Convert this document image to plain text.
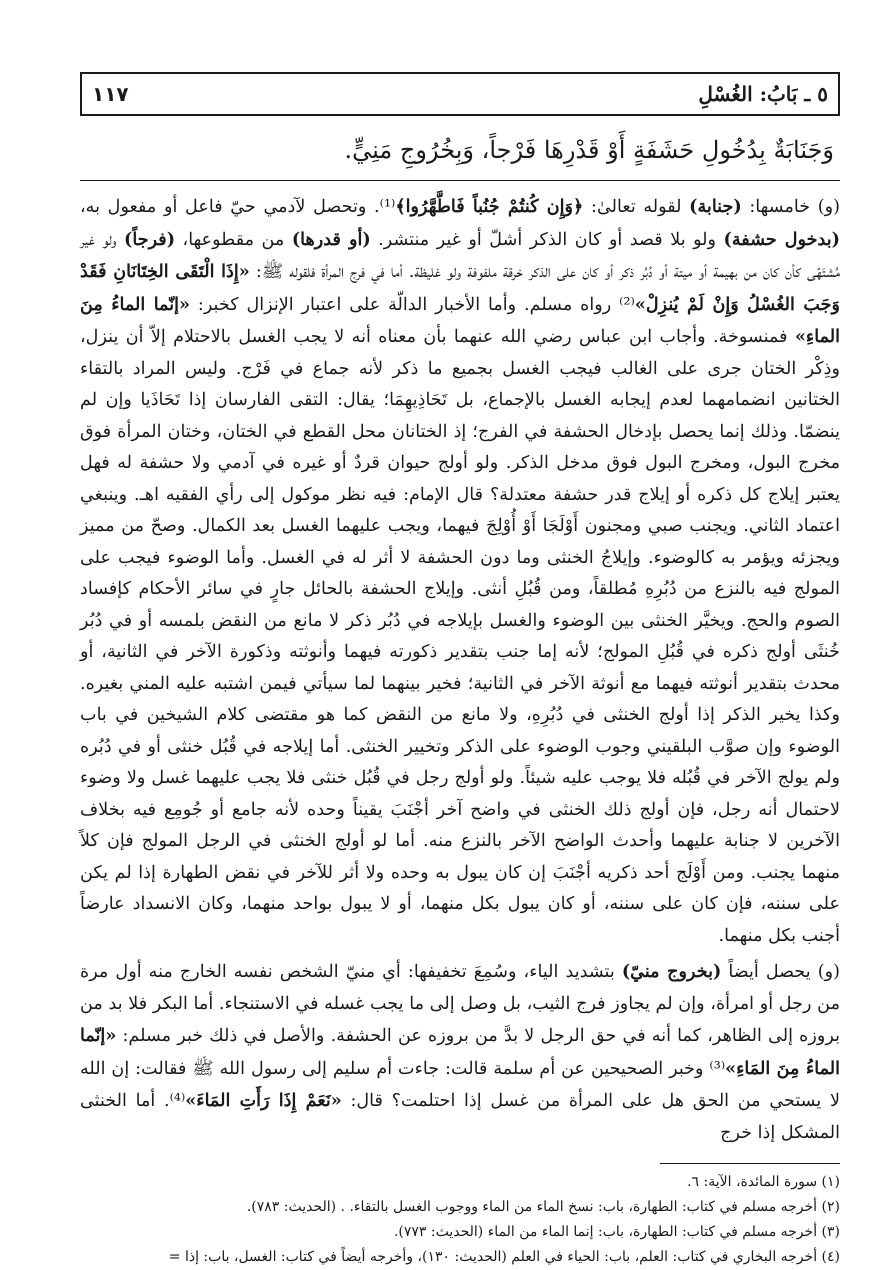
٥ ـ بَابُ: الغُسْلِ
١١٧
وَجَنَابَةٌ بِدُخُولِ حَشَفَةٍ أَوْ قَدْرِهَا فَرْجاً، وَبِخُرُوجِ مَنِيٍّ.

(و) خامسها: (جنابة) لقوله تعالىٰ: ﴿وَإِن كُنتُمْ جُنُباً فَاطَّهَّرُوا﴾⁽¹⁾. وتحصل لآدمي حيّ فاعل أو مفعول به، (بدخول حشفة) ولو بلا قصد أو كان الذكر أشلّ أو غير منتشر. (أو قدرها) من مقطوعها، (فرجاً) ولو غير مُشتَهًى كأن كان من بهيمة أو ميتة أو دُبُر ذكر أو كان على الذكر خرقة ملفوفة ولو غليظة. أما في فرج المرأة فلقوله ﷺ: «إِذَا الْتَقَى الخِتَانَانِ فَقَدْ وَجَبَ الغُسْلُ وَإِنْ لَمْ يُنزِلْ»⁽²⁾ رواه مسلم. وأما الأخبار الدالّة على اعتبار الإنزال كخبر: «إنّما الماءُ مِنَ الماءِ» فمنسوخة. وأجاب ابن عباس رضي الله عنهما بأن معناه أنه لا يجب الغسل بالاحتلام إلاّ أن ينزل، وذِكْر الختان جرى على الغالب فيجب الغسل بجميع ما ذكر لأنه جماع في فَرْج. وليس المراد بالتقاء الختانين انضمامهما لعدم إيجابه الغسل بالإجماع، بل تَحَاذِيهِمَا؛ يقال: التقى الفارسان إذا تَحَاذَيا وإن لم ينضمّا. وذلك إنما يحصل بإدخال الحشفة في الفرج؛ إذ الختانان محل القطع في الختان، وختان المرأة فوق مخرج البول، ومخرج البول فوق مدخل الذكر. ولو أولج حيوان قردٌ أو غيره في آدمي ولا حشفة له فهل يعتبر إيلاج كل ذكره أو إيلاج قدر حشفة معتدلة؟ قال الإمام: فيه نظر موكول إلى رأي الفقيه اهـ. وينبغي اعتماد الثاني. ويجنب صبي ومجنون أَوْلَجَا أَوْ أُوْلِجَ فيهما، ويجب عليهما الغسل بعد الكمال. وصحّ من مميز ويجزئه ويؤمر به كالوضوء. وإيلاجُ الخنثى وما دون الحشفة لا أثر له في الغسل. وأما الوضوء فيجب على المولج فيه بالنزع من دُبُرِهِ مُطلقاً، ومن قُبُلِ أنثى. وإيلاج الحشفة بالحائل جارٍ في سائر الأحكام كإفساد الصوم والحج. ويخيَّر الخنثى بين الوضوء والغسل بإيلاجه في دُبُر ذكر لا مانع من النقض بلمسه أو في دُبُر خُنثَى أولج ذكره في قُبُلِ المولج؛ لأنه إما جنب بتقدير ذكورته فيهما وأنوثته وذكورة الآخر في الثانية، أو محدث بتقدير أنوثته فيهما مع أنوثة الآخر في الثانية؛ فخير بينهما لما سيأتي فيمن اشتبه عليه المني بغيره. وكذا يخير الذكر إذا أولج الخنثى في دُبُرِهِ، ولا مانع من النقض كما هو مقتضى كلام الشيخين في باب الوضوء وإن صوَّب البلقيني وجوب الوضوء على الذكر وتخيير الخنثى. أما إيلاجه في قُبُل خنثى أو في دُبُره ولم يولج الآخر في قُبُله فلا يوجب عليه شيئاً. ولو أولج رجل في قُبُل خنثى فلا يجب عليهما غسل ولا وضوء لاحتمال أنه رجل، فإن أولج ذلك الخنثى في واضح آخر أجْنَبَ يقيناً وحده لأنه جامع أو جُومِع فيه بخلاف الآخرين لا جنابة عليهما وأحدث الواضح الآخر بالنزع منه. أما لو أولج الخنثى في الرجل المولج فإن كلاً منهما يجنب. ومن أَوْلَج أحد ذكريه أجْنَبَ إن كان يبول به وحده ولا أثر للآخر في نقض الطهارة إذا لم يكن على سننه، فإن كان على سننه، أو كان يبول بكل منهما، أو لا يبول بواحد منهما، وكان الانسداد عارضاً أجنب بكل منهما.

(و) يحصل أيضاً (بخروج منيّ) بتشديد الياء، وسُمِعَ تخفيفها: أي منيّ الشخص نفسه الخارج منه أول مرة من رجل أو امرأة، وإن لم يجاوز فرج الثيب، بل وصل إلى ما يجب غسله في الاستنجاء. أما البكر فلا بد من بروزه إلى الظاهر، كما أنه في حق الرجل لا بدَّ من بروزه عن الحشفة. والأصل في ذلك خبر مسلم: «إنّما الماءُ مِنَ المَاءِ»⁽³⁾ وخبر الصحيحين عن أم سلمة قالت: جاءت أم سليم إلى رسول الله ﷺ فقالت: إن الله لا يستحي من الحق هل على المرأة من غسل إذا احتلمت؟ قال: «نَعَمْ إِذَا رَأَتِ المَاءَ»⁽⁴⁾. أما الخنثى المشكل إذا خرج

(١) سورة المائدة، الآية: ٦.
(٢) أخرجه مسلم في كتاب: الطهارة، باب: نسخ الماء من الماء ووجوب الغسل بالتقاء. . (الحديث: ٧٨٣).
(٣) أخرجه مسلم في كتاب: الطهارة، باب: إنما الماء من الماء (الحديث: ٧٧٣).
(٤) أخرجه البخاري في كتاب: العلم، باب: الحياء في العلم (الحديث: ١٣٠)، وأخرجه أيضاً في كتاب: الغسل، باب: إذا =
